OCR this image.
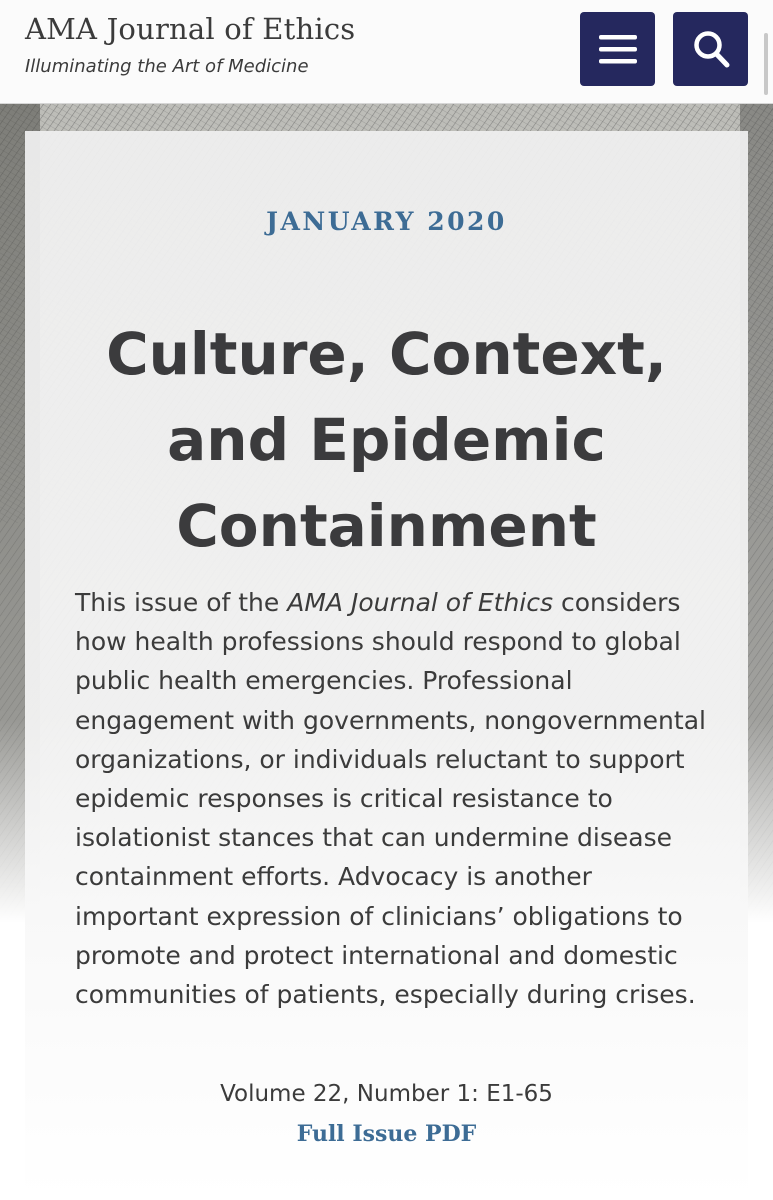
AMA Journal of Ethics
Illuminating the Art of Medicine
JANUARY 2020
Culture, Context,
and Epidemic
Containment

This issue of the AMA Journal of Ethics considers how health professions should respond to global public health emergencies. Professional engagement with governments, nongovernmental organizations, or individuals reluctant to support epidemic responses is critical resistance to isolationist stances that can undermine disease containment efforts. Advocacy is another important expression of clinicians’ obligations to promote and protect international and domestic communities of patients, especially during crises.

Volume 22, Number 1: E1-65
Full Issue PDF
